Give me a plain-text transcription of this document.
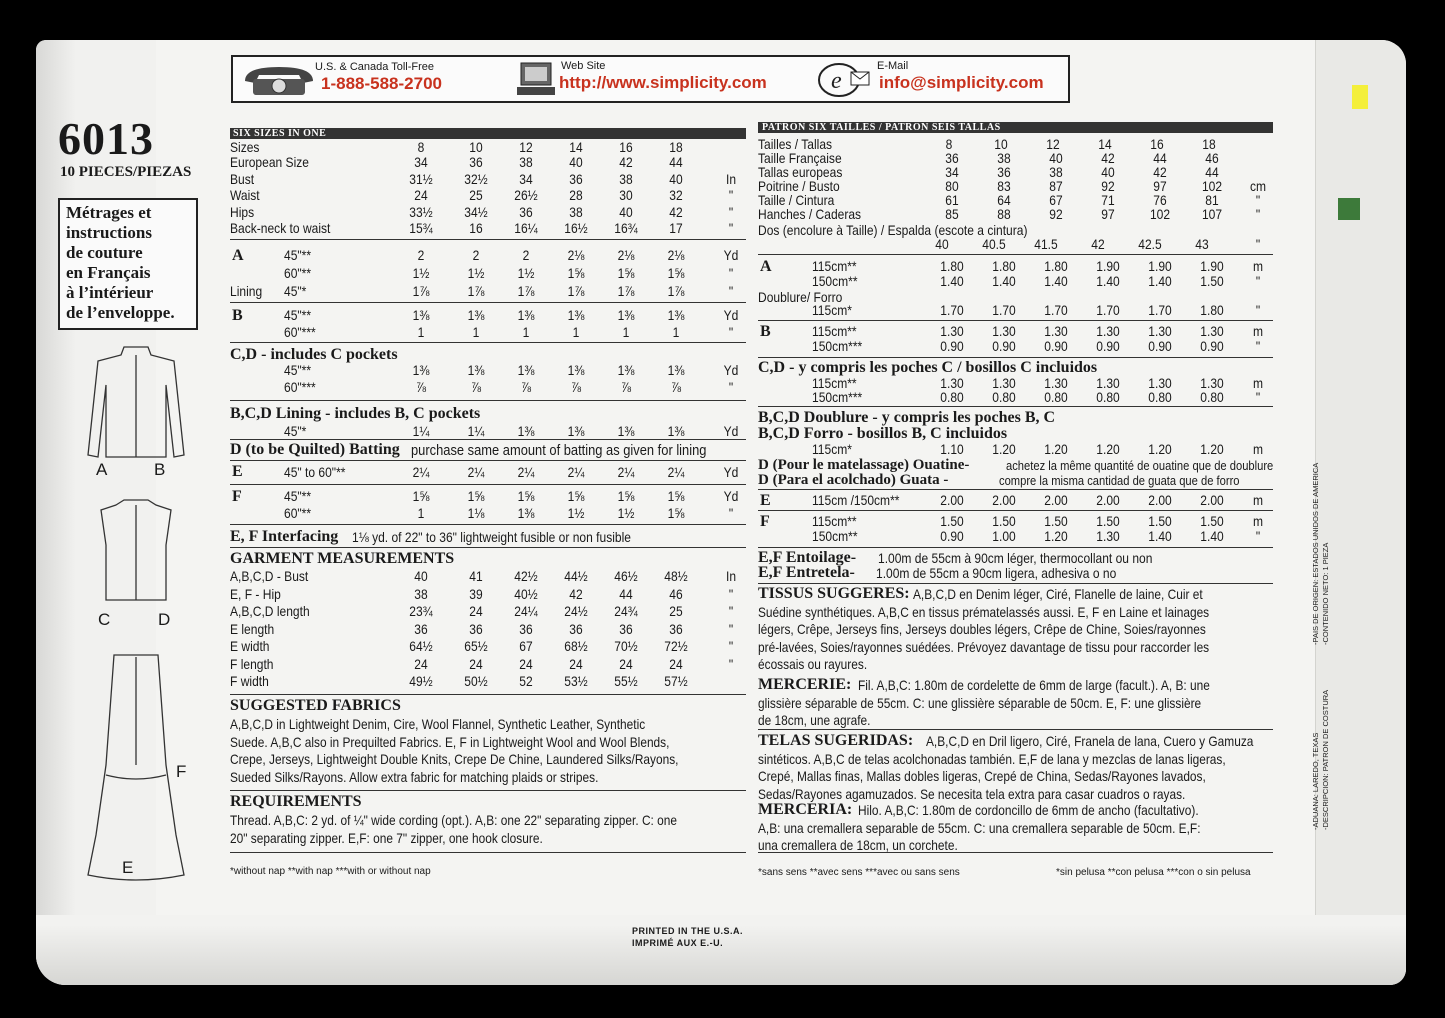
U.S. & Canada Toll-Free
1-888-588-2700
Web Site
http://www.simplicity.com	e
E-Mail
info@simplicity.com
6013
10 PIECES/PIEZAS
Métrages et
instructions
de couture
en Français
à l’intérieur
de l’enveloppe.
A	B
C	D
F
E
SIX SIZES IN ONE
Sizes	8	10	12	14	16	18
European Size	34	36	38	40	42	44
Bust	31½ 32½ 34	36	38	40	In
Waist	24	25 26½ 28	30	32	"
Hips	33½ 34½ 36	38	40	42	"
Back-neck to waist	15¾	16 16¼ 16½ 16¾ 17	"
A	45"**	2	2	2	2⅛ 2⅛ 2⅛	Yd
60"**	1½	1½ 1½ 1⅝ 1⅝ 1⅝	"
Lining 45"*	1⅞	1⅞ 1⅞ 1⅞ 1⅞ 1⅞	"
B	45"**	1⅜	1⅜ 1⅜ 1⅜ 1⅜ 1⅜	Yd
60"***	1	1	1	1	1	1	"
C,D - includes C pockets
45"**	1⅜	1⅜ 1⅜ 1⅜ 1⅜ 1⅜	Yd
60"***	⅞	⅞	⅞	⅞	⅞	⅞	"
B,C,D Lining - includes B, C pockets
45"*	1¼	1¼ 1⅜ 1⅜ 1⅜ 1⅜	Yd
D (to be Quilted) Batting purchase same amount of batting as given for lining
E	45" to 60"**	2¼	2¼ 2¼ 2¼ 2¼ 2¼	Yd
F	45"**	1⅝	1⅝ 1⅝ 1⅝ 1⅝ 1⅝	Yd
60"**	1	1⅛ 1⅜ 1½ 1½ 1⅝	"
E, F Interfacing 1⅛ yd. of 22" to 36" lightweight fusible or non fusible
GARMENT MEASUREMENTS
A,B,C,D - Bust	40	41 42½ 44½ 46½ 48½	In
E, F - Hip	38	39 40½ 42	44	46	"
A,B,C,D length	23¾	24 24¼ 24½ 24¾ 25	"
E length	36	36	36	36	36	36	"
E width	64½ 65½ 67 68½ 70½ 72½	"
F length	24	24	24	24	24	24	"
F width	49½ 50½ 52 53½ 55½ 57½
SUGGESTED FABRICS
A,B,C,D in Lightweight Denim, Cire, Wool Flannel, Synthetic Leather, Synthetic
Suede. A,B,C also in Prequilted Fabrics. E, F in Lightweight Wool and Wool Blends,
Crepe, Jerseys, Lightweight Double Knits, Crepe De Chine, Laundered Silks/Rayons,
Sueded Silks/Rayons. Allow extra fabric for matching plaids or stripes.
REQUIREMENTS
Thread. A,B,C: 2 yd. of ¼" wide cording (opt.). A,B: one 22" separating zipper. C: one
20" separating zipper. E,F: one 7" zipper, one hook closure.
*without nap **with nap ***with or without nap
PATRON SIX TAILLES / PATRON SEIS TALLAS
Tailles / Tallas	8	10	12	14	16	18
Taille Française	36	38	40	42	44	46
Tallas europeas	34	36	38	40	42	44
Poitrine / Busto	80	83	87	92	97	102 cm
Taille / Cintura	61	64	67	71	76	81	"
Hanches / Caderas	85	88	92	97	102 107 "
Dos (encolure à Taille) / Espalda (escote a cintura)
40 40.5 41.5 42 42.5 43	"
A	115cm**	1.80 1.80 1.80 1.90 1.90 1.90 m
150cm**	1.40 1.40 1.40 1.40 1.40 1.50 "
Doublure/ Forro
115cm*	1.70 1.70 1.70 1.70 1.70 1.80 "
B	115cm**	1.30 1.30 1.30 1.30 1.30 1.30 m
150cm***	0.90 0.90 0.90 0.90 0.90 0.90 "
C,D - y compris les poches C / bosillos C incluidos
115cm**	1.30 1.30 1.30 1.30 1.30 1.30 m
150cm***	0.80 0.80 0.80 0.80 0.80 0.80 "
B,C,D Doublure - y compris les poches B, C
B,C,D Forro - bosillos B, C incluidos
115cm*	1.10 1.20 1.20 1.20 1.20 1.20 m
D (Pour le matelassage) Ouatine-	achetez la même quantité de ouatine que de doublure
D (Para el acolchado) Guata -	compre la misma cantidad de guata que de forro
E	115cm /150cm**	2.00 2.00 2.00 2.00 2.00 2.00 m
F	115cm**	1.50 1.50 1.50 1.50 1.50 1.50 m
150cm**	0.90 1.00 1.20 1.30 1.40 1.40 "
E,F Entoilage- 1.00m de 55cm à 90cm léger, thermocollant ou non
E,F Entretela- 1.00m de 55cm a 90cm ligera, adhesiva o no
TISSUS SUGGERES: A,B,C,D en Denim léger, Ciré, Flanelle de laine, Cuir et
Suédine synthétiques. A,B,C en tissus prématelassés aussi. E, F en Laine et lainages
légers, Crêpe, Jerseys fins, Jerseys doubles légers, Crêpe de Chine, Soies/rayonnes
pré-lavées, Soies/rayonnes suédées. Prévoyez davantage de tissu pour raccorder les
écossais ou rayures.
MERCERIE: Fil. A,B,C: 1.80m de cordelette de 6mm de large (facult.). A, B: une
glissière séparable de 55cm. C: une glissière séparable de 50cm. E, F: une glissière
de 18cm, une agrafe.
TELAS SUGERIDAS: A,B,C,D en Dril ligero, Ciré, Franela de lana, Cuero y Gamuza
sintéticos. A,B,C de telas acolchonadas también. E,F de lana y mezclas de lanas ligeras,
Crepé, Mallas finas, Mallas dobles ligeras, Crepé de China, Sedas/Rayones lavados,
Sedas/Rayones agamuzados. Se necesita tela extra para casar cuadros o rayas.
MERCERIA: Hilo. A,B,C: 1.80m de cordoncillo de 6mm de ancho (facultativo).
A,B: una cremallera separable de 55cm. C: una cremallera separable de 50cm. E,F:
una cremallera de 18cm, un corchete.
*sans sens **avec sens ***avec ou sans sens	*sin pelusa **con pelusa ***con o sin pelusa
PRINTED IN THE U.S.A.
IMPRIMÉ AUX E.-U.
-PAIS DE ORIGEN: ESTADOS UNIDOS DE AMERICA -CONTENIDO NETO: 1 PIEZA
-ADUANA: LAREDO, TEXAS -DESCRIPCION: PATRON DE COSTURA
